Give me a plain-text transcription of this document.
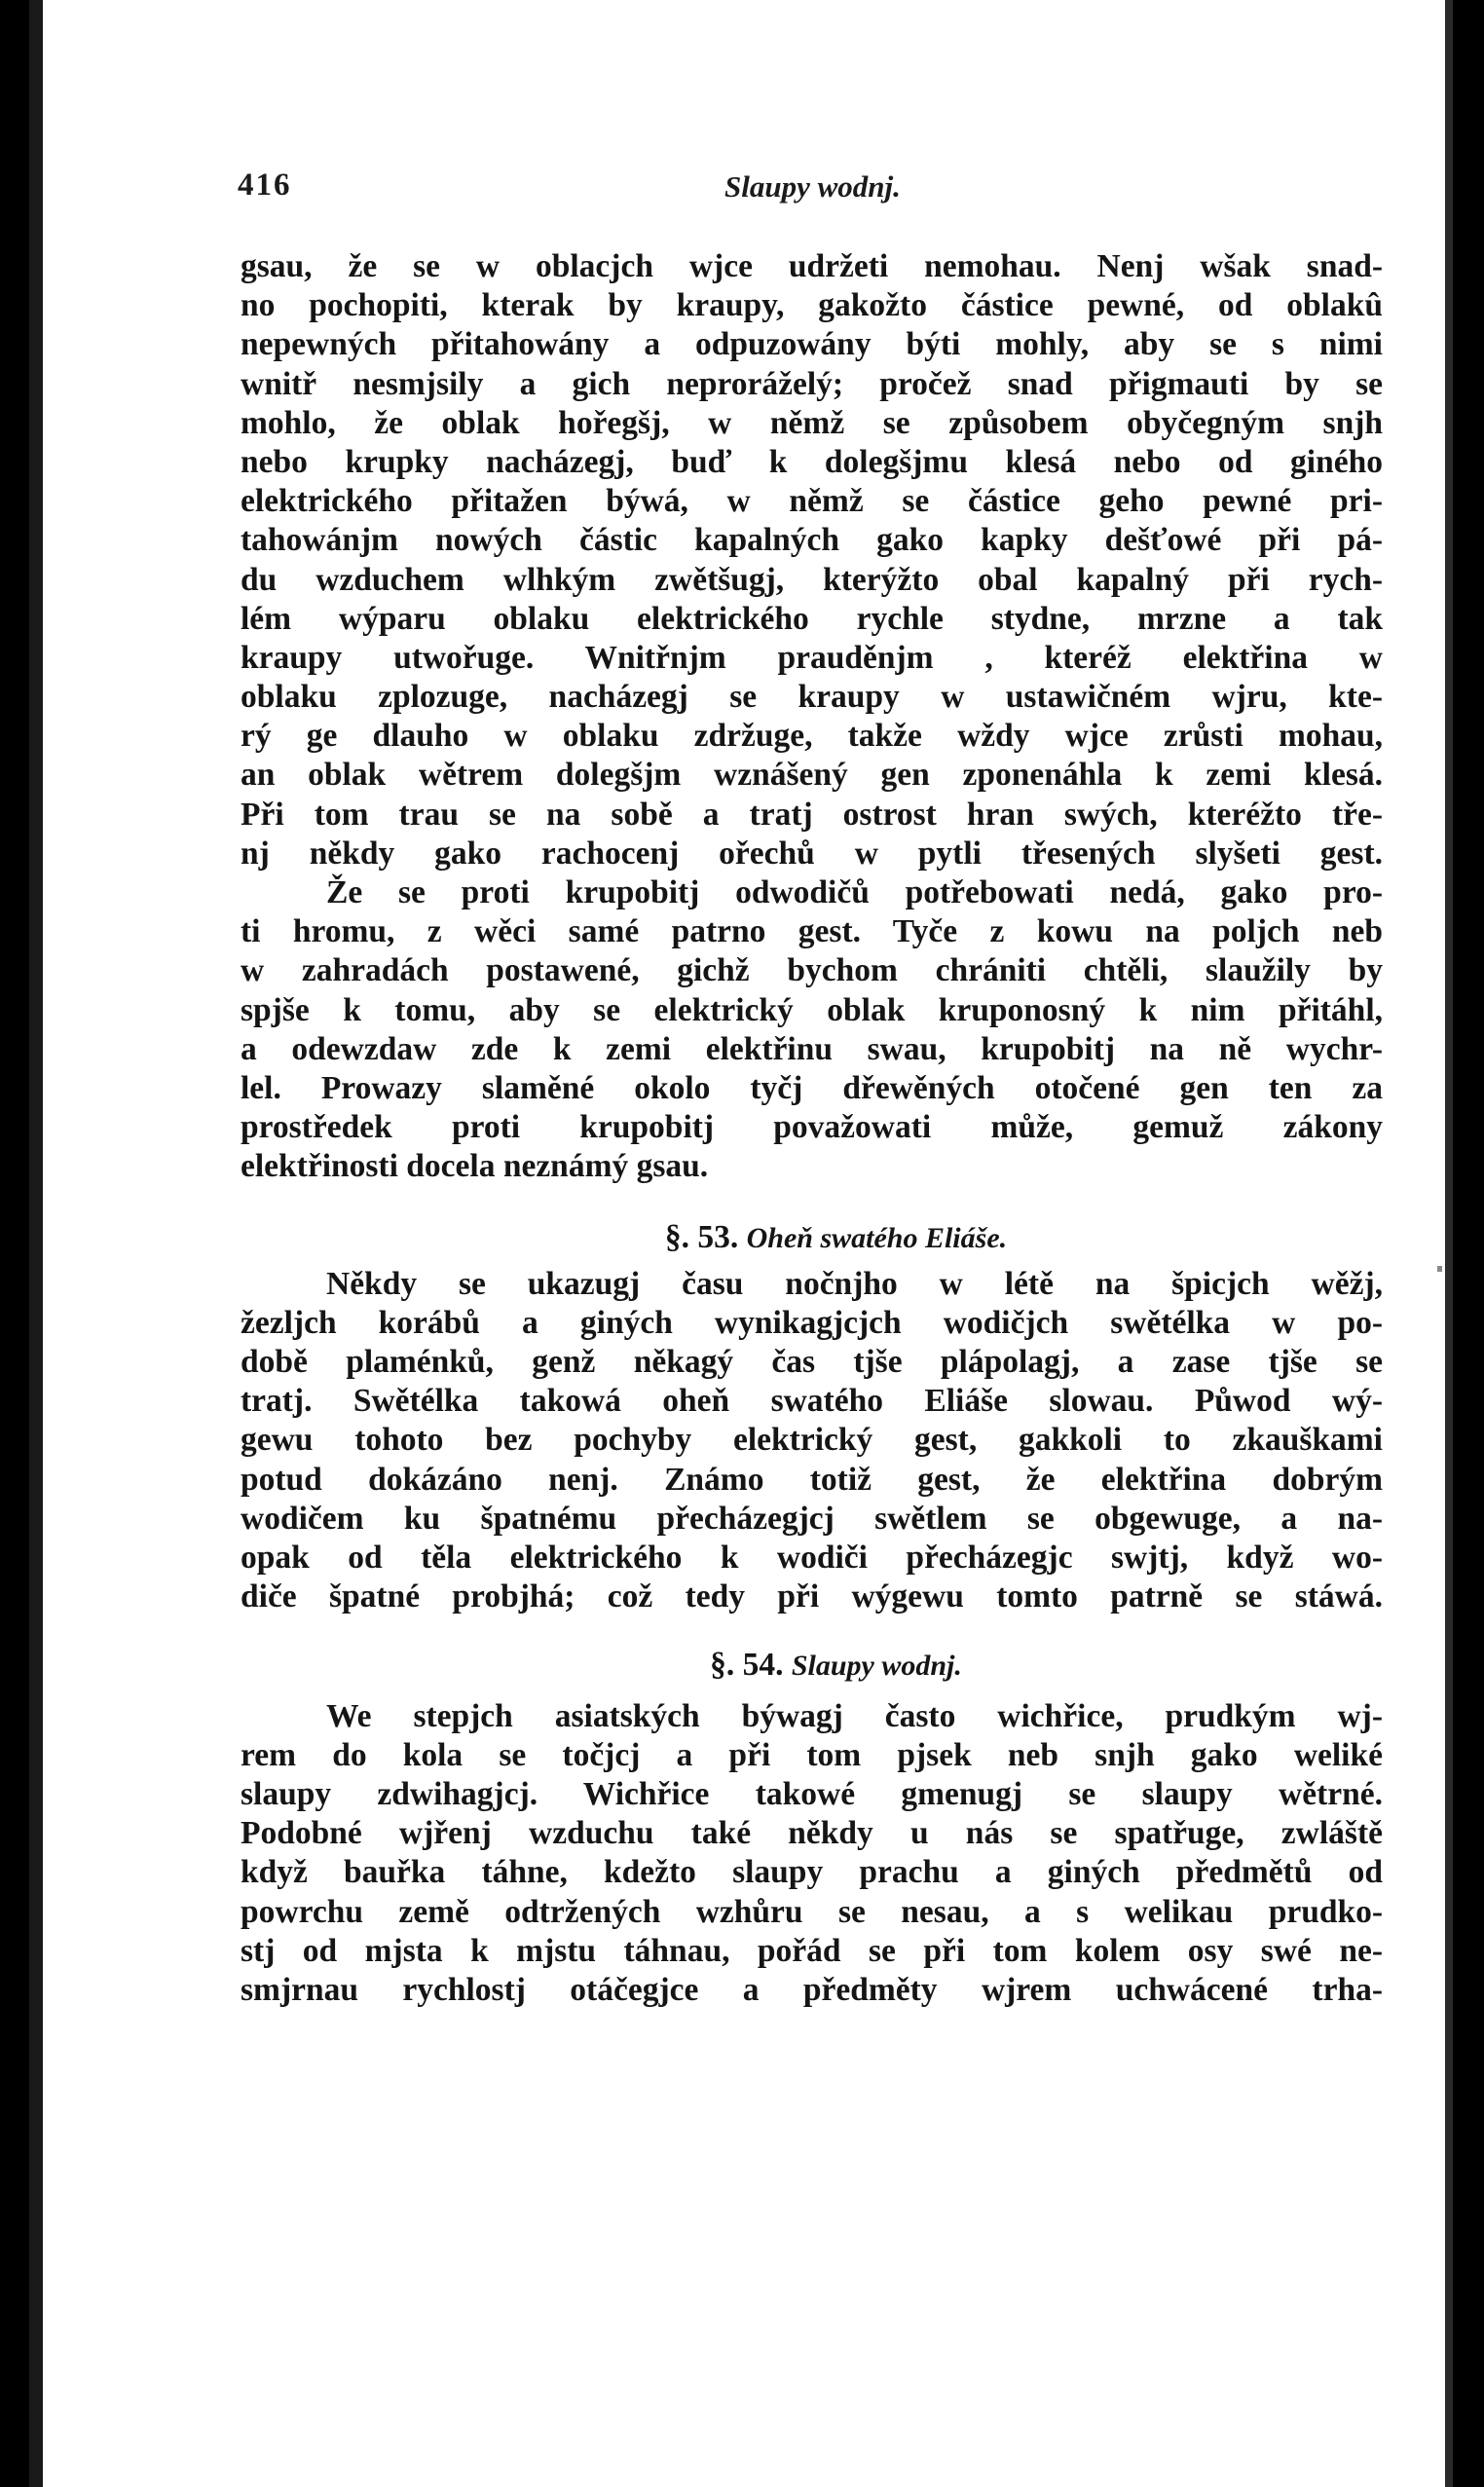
416	Slaupy wodnj.
gsau, že se w oblacjch wjce udržeti nemohau. Nenj wšak snad-
no pochopiti, kterak by kraupy, gakožto částice pewné, od oblakû
nepewných přitahowány a odpuzowány býti mohly, aby se s nimi
wnitř nesmjsily a gich neproráželý; pročež snad přigmauti by se
mohlo, že oblak hořegšj, w němž se způsobem obyčegným snjh
nebo krupky nacházegj, buď k dolegšjmu klesá nebo od giného
elektrického přitažen býwá, w němž se částice geho pewné pri-
tahowánjm nowých částic kapalných gako kapky dešťowé při pá-
du wzduchem wlhkým zwětšugj, kterýžto obal kapalný při rych-
lém wýparu oblaku elektrického rychle stydne, mrzne a tak
kraupy utwořuge. Wnitřnjm prauděnjm , kteréž elektřina w
oblaku zplozuge, nacházegj se kraupy w ustawičném wjru, kte-
rý ge dlauho w oblaku zdržuge, takže wždy wjce zrůsti mohau,
an oblak wětrem dolegšjm wznášený gen zponenáhla k zemi klesá.
Při tom trau se na sobě a tratj ostrost hran swých, kteréžto tře-
nj někdy gako rachocenj ořechů w pytli třesených slyšeti gest.
Že se proti krupobitj odwodičů potřebowati nedá, gako pro-
ti hromu, z wěci samé patrno gest. Tyče z kowu na poljch neb
w zahradách postawené, gichž bychom chrániti chtěli, slaužily by
spjše k tomu, aby se elektrický oblak kruponosný k nim přitáhl,
a odewzdaw zde k zemi elektřinu swau, krupobitj na ně wychr-
lel. Prowazy slaměné okolo tyčj dřewěných otočené gen ten za
prostředek proti krupobitj považowati může, gemuž zákony
elektřinosti docela neznámý gsau.
§. 53. Oheň swatého Eliáše.
Někdy se ukazugj času nočnjho w létě na špicjch wěžj,
žezljch korábů a giných wynikagjcjch wodičjch swětélka w po-
době plaménků, genž někagý čas tjše plápolagj, a zase tjše se
tratj. Swětélka takowá oheň swatého Eliáše slowau. Půwod wý-
gewu tohoto bez pochyby elektrický gest, gakkoli to zkauškami
potud dokázáno nenj. Známo totiž gest, že elektřina dobrým
wodičem ku špatnému přecházegjcj swětlem se obgewuge, a na-
opak od těla elektrického k wodiči přecházegjc swjtj, když wo-
diče špatné probjhá; což tedy při wýgewu tomto patrně se stáwá.
§. 54. Slaupy wodnj.
We stepjch asiatských býwagj často wichřice, prudkým wj-
rem do kola se točjcj a při tom pjsek neb snjh gako weliké
slaupy zdwihagjcj. Wichřice takowé gmenugj se slaupy wětrné.
Podobné wjřenj wzduchu také někdy u nás se spatřuge, zwláště
když bauřka táhne, kdežto slaupy prachu a giných předmětů od
powrchu země odtržených wzhůru se nesau, a s welikau prudko-
stj od mjsta k mjstu táhnau, pořád se při tom kolem osy swé ne-
smjrnau rychlostj otáčegjce a předměty wjrem uchwácené trha-
